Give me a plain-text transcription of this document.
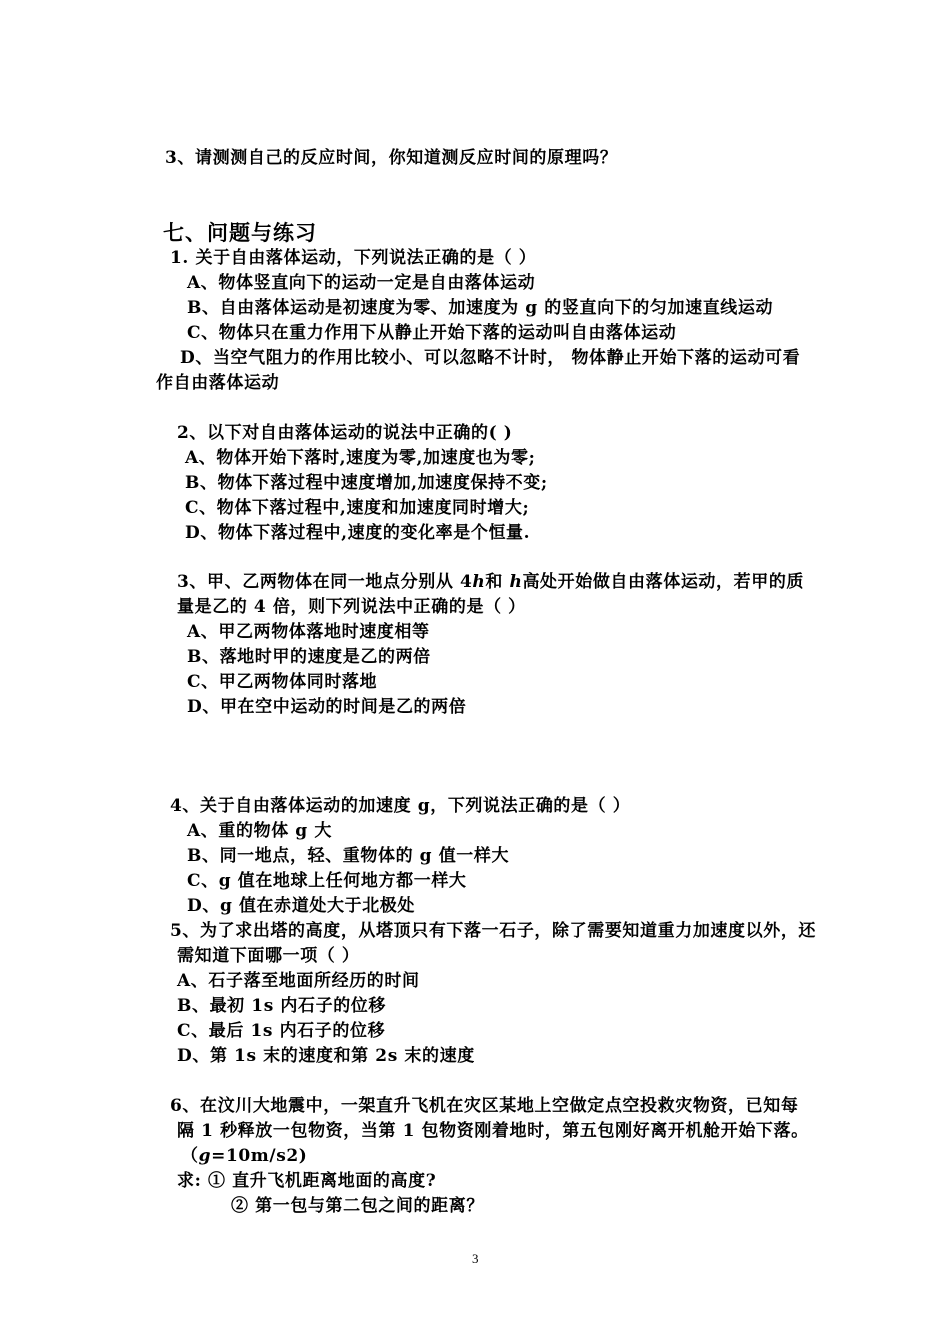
3、请测测自己的反应时间，你知道测反应时间的原理吗？
七、问题与练习
1. 关于自由落体运动，下列说法正确的是（ ）
A、物体竖直向下的运动一定是自由落体运动
B、自由落体运动是初速度为零、加速度为 g 的竖直向下的匀加速直线运动
C、物体只在重力作用下从静止开始下落的运动叫自由落体运动
D、当空气阻力的作用比较小、可以忽略不计时， 物体静止开始下落的运动可看
作自由落体运动
2、以下对自由落体运动的说法中正确的( )
A、物体开始下落时,速度为零,加速度也为零;
B、物体下落过程中速度增加,加速度保持不变;
C、物体下落过程中,速度和加速度同时增大;
D、物体下落过程中,速度的变化率是个恒量.
3、甲、乙两物体在同一地点分别从 4h和 h高处开始做自由落体运动，若甲的质
量是乙的 4 倍，则下列说法中正确的是（ ）
A、甲乙两物体落地时速度相等
B、落地时甲的速度是乙的两倍
C、甲乙两物体同时落地
D、甲在空中运动的时间是乙的两倍
4、关于自由落体运动的加速度 g，下列说法正确的是（ ）
A、重的物体 g 大
B、同一地点，轻、重物体的 g 值一样大
C、g 值在地球上任何地方都一样大
D、g 值在赤道处大于北极处
5、为了求出塔的高度，从塔顶只有下落一石子，除了需要知道重力加速度以外，还
需知道下面哪一项（ ）
A、石子落至地面所经历的时间
B、最初 1s 内石子的位移
C、最后 1s 内石子的位移
D、第 1s 末的速度和第 2s 末的速度
6、在汶川大地震中，一架直升飞机在灾区某地上空做定点空投救灾物资，已知每
隔 1 秒释放一包物资，当第 1 包物资刚着地时，第五包刚好离开机舱开始下落。
（g=10m/s2)
求: ① 直升飞机距离地面的高度?
② 第一包与第二包之间的距离？
3
